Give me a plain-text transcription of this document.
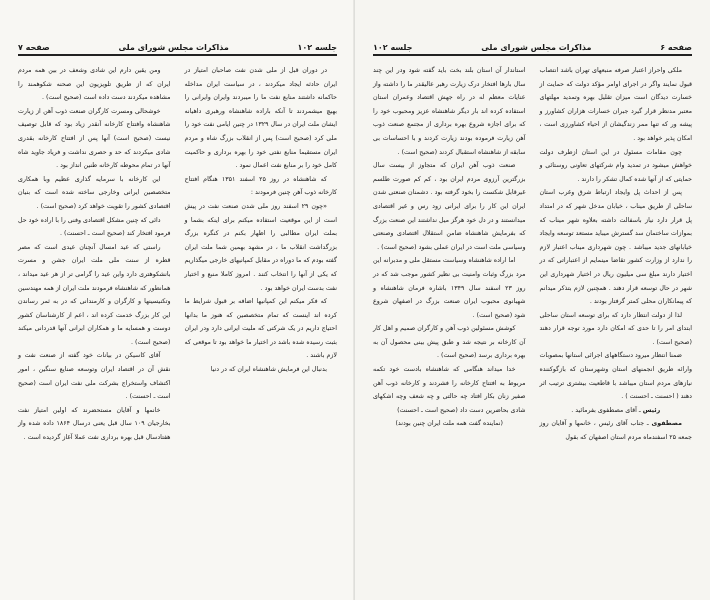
جلسه ۱۰۲
مذاکرات مجلس شورای ملی
صفحه ۷

در دوران قبل از ملی شدن نفت صاحبان امتیاز در ایران حادثه ایجاد میکردند ، در سیاست ایران مداخله حاکمانه داشتند منابع نفت ما را میبردند وایران وایرانی را بهیچ میشمردند تا آنکه باراده شاهنشاه ورهبری داهیانه ایشان ملت ایران در سال ۱۳۲۹ در چنین ایامی نفت خود را ملی کرد (صحیح است) پس از انقلاب بزرگ شاه و مردم ایران مستقیما منابع نفتی خود را بهره برداری و حاکمیت کامل خود را بر منابع نفت اعمال نمود .

که شاهنشاه در روز ۲۵ اسفند ۱۳۵۱ هنگام افتتاح کارخانه ذوب آهن چنین فرمودند :

«چون ۲۹ اسفند روز ملی شدن صنعت نفت در پیش است از این موقعیت استفاده میکنم برای اینکه بشما و بملت ایران مطالبی را اظهار بکنم در کنگره بزرگ بزرگداشت انقلاب ما ، در مشهد بهمین شما ملت ایران گفته بودم که ما دوراه در مقابل کمپانیهای خارجی میگذاریم که یکی از آنها را انتخاب کنند . امروز کاملا منبع و اختیار نفت بدست ایران خواهد بود .

که فکر میکنم این کمپانیها اضافه بر قبول شرایط ما کرده اند اینست که تمام متخصصین که هنوز ما بدانها احتیاج داریم در یک شرکتی که ملیت ایرانی دارد ودر ایران بثبت رسیده شده باشد در اختیار ما خواهد بود تا موقعی که لازم باشند .

بدنبال این فرمایش شاهنشاه ایران که در دنیا

ومن یقین دارم این شادی وشعف در بین همه مردم ایران که از طریق تلویزیون این صحنه شکوهمند را مشاهده میکردند دست داده است (صحیح است) .

خوشحالی ومسرت کارگران صنعت ذوب آهن از زیارت شاهنشاه وافتتاح کارخانه آنقدر زیاد بود که قابل توصیف نیست (صحیح است) آنها پس از افتتاح کارخانه بقدری شادی میکردند که حد و حصری نداشت و فریاد جاوید شاه آنها در تمام محوطه کارخانه طنین انداز بود .

این کارخانه با سرمایه گذاری عظیم وبا همکاری متخصصین ایرانی وخارجی ساخته شده است که بنیان اقتصادی کشور را تقویت خواهد کرد (صحیح است) .

دائی که چنین مشکل اقتصادی وفنی را با اراده خود حل فرمود افتخار کند (صحیح است ـ احسنت) .

راستی که عید امسال آنچنان عیدی است که مصر قطره از سنت ملی ملت ایران جشن و مسرت بانشکوهتری دارد واین عید را گرامی تر از هر عید میداند ، همانطور که شاهنشاه فرمودند ملت ایران از همه مهندسین وتکنیسینها و کارگران و کارمندانی که در به ثمر رساندن این کار بزرگ خدمت کرده اند ، اعم از کارشناسان کشور دوست و همسایه ما و همکاران ایرانی آنها قدردانی میکند (صحیح است) .

آقای کاسیکن در بیانات خود گفته از صنعت نفت و نقش آن در اقتصاد ایران وتوسعه صنایع سنگین ، امور اکتشاف واستخراج بشرکت ملی نفت ایران است (صحیح است ـ احسنت) .

خانمها و آقایان مستحضرند که اولین امتیاز نفت بخارجیان ۱۰۹ سال قبل یعنی درسال ۱۸۶۴ داده شده واز هفتادسال قبل بهره برداری نفت عملا آغاز گردیده است .

صفحه ۶
مذاکرات مجلس شورای ملی
جلسه ۱۰۲

ملکی واحراز اعتبار صرفه منبعهای تهران باشد انتصاب قبول نمایند واگر در اجرای اوامر مؤکد دولت که حمایت از خسارت دیدگان است میزان تقلیل بهره وتمدید مهلتهای معتبر مدنظر قرار گیرد جبران خسارات هزاران کشاورز و پیشه ور که تنها ممر زندگیشان از احیاء کشاورزی است ، امکان پذیر خواهد بود .

چون مقامات مسئول در این استان ازطرف دولت خواهش میشود در تمدید وام شرکتهای تعاونی روستائی و حمایتی که از آنها شده کمال تشکر را دارند .

پس از احداث پل وایجاد ارتباط شرق وغرب استان ساحلی از طریق میناب ، خیابان مدخل شهر که در امتداد پل قرار دارد نیاز باسفالت داشته بعلاوه شهر میناب که بموازات ساختمان سد گسترش میباید مستعد توسعه وایجاد خیابانهای جدید میباشد . چون شهرداری میناب اعتبار لازم را ندارد از وزارت کشور تقاضا مینمایم از اعتباراتی که در اختیار دارند مبلغ سی میلیون ریال در اختیار شهرداری این شهر در حال توسعه قرار دهند . همچنین لازم بتذکر میدانم که پیمانکاران محلی کمتر گرفتار بودند .

لذا از دولت انتظار دارد که برای توسعه استان ساحلی ابتدای امر را تا حدی که امکان دارد مورد توجه قرار دهند (صحیح است) .

ضمنا انتظار میرود دستگاههای اجرائی استانها بمصوبات وارائه طریق انجمنهای استان وشهرستان که بازگوکننده نیازهای مردم استان میباشد با قاطعیت بیشتری ترتیب اثر دهند ( احسنت ـ احسنت ) .

رئیس ـ آقای مصطفوی بفرمائید .

مصطفوی ـ جناب آقای رئیس ، خانمها و آقایان روز جمعه ۲۵ اسفندماه مردم استان اصفهان که بقول

استاندار آن استان بلند بخت باید گفته شود ودر این چند سال بارها افتخار درک زیارت رهبر عالیقدر ما را داشته واز عنایات معظم له در راه جهش اقتصاد وعمران استان استفاده کرده اند بار دیگر شاهنشاه عزیز ومحبوب خود را که برای اجازه شروع بهره برداری از مجتمع صنعت ذوب آهن زیارت فرموده بودند زیارت کردند و با احساسات بی سابقه از شاهنشاه استقبال کردند (صحیح است) .

صنعت ذوب آهن ایران که متجاوز از بیست سال بزرگترین آرزوی مردم ایران بود ، کم کم صورت طلسم غیرقابل شکست را بخود گرفته بود . دشمنان صنعتی شدن ایران این کار را برای ایرانی زود رس و غیر اقتصادی میدانستند و در دل خود هرگز میل نداشتند این صنعت بزرگ که بفرمایش شاهنشاه ضامن استقلال اقتصادی وصنعتی وسیاسی ملت است در ایران عملی بشود (صحیح است) .

اما اراده شاهنشاه وسیاست مستقل ملی و مدبرانه این مرد بزرگ وثبات وامنیت بی نظیر کشور موجب شد که در روز ۲۳ اسفند سال ۱۳۴۹ باشاره فرمان شاهنشاه و شهبانوی محبوب ایران صنعت بزرگ در اصفهان شروع شود (صحیح است) .

کوشش مسئولین ذوب آهن و کارگران صمیم و اهل کار آن کارخانه بر نتیجه شد و طبق پیش بینی محصول آن به بهره برداری برسد (صحیح است) .

خدا میداند هنگامی که شاهنشاه بادست خود تکمه مربوط به افتتاح کارخانه را فشردند و کارخانه ذوب آهن صفیر زنان بکار افتاد چه حالتی و چه شعف وچه اشکهای شادی بحاضرین دست داد (صحیح است ـ احسنت)

(نماینده گفت همه ملت ایران چنین بودند)
